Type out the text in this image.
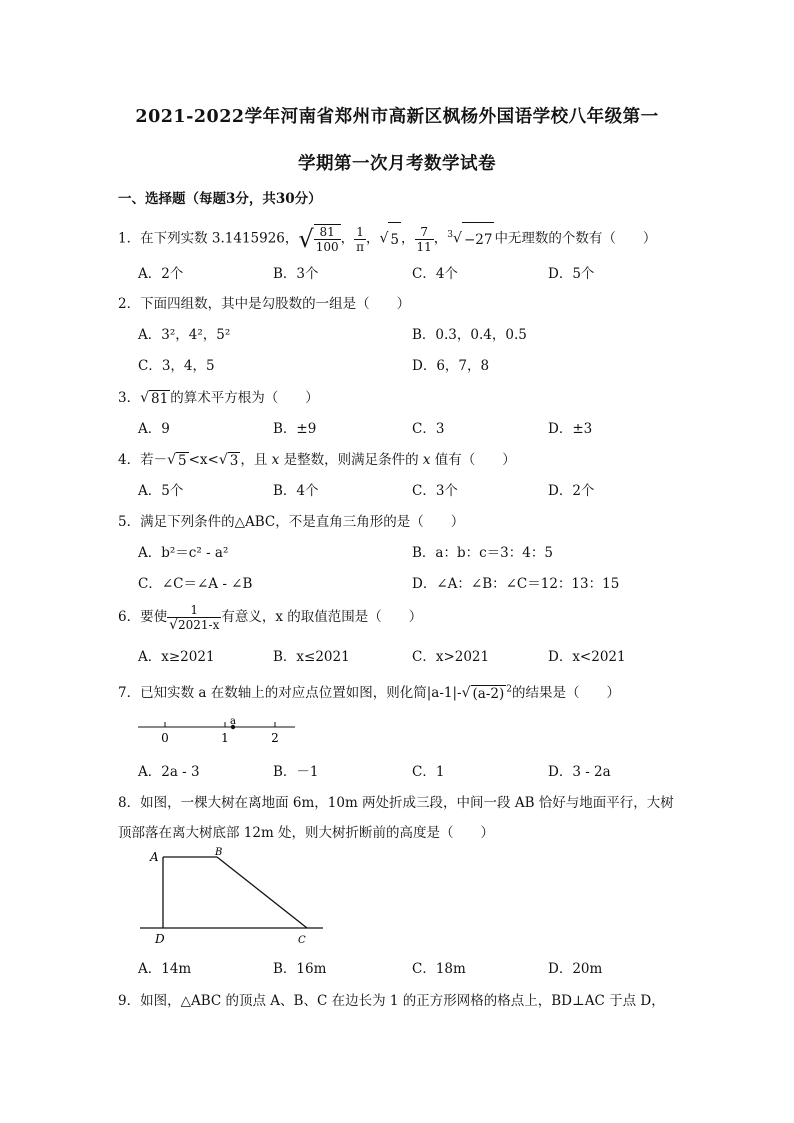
2021-2022学年河南省郑州市高新区枫杨外国语学校八年级第一
学期第一次月考数学试卷
一、选择题（每题3分，共30分）
1．在下列实数 3.1415926，√ $\frac{81}{100}$ ， $\frac{1}{\pi}$ ，√ 5 ， $\frac{7}{11}$ ，$^3$√ −27 中无理数的个数有（　　）
A．2个	B．3个	C．4个	D．5个
2．下面四组数，其中是勾股数的一组是（　　）
A．3²，4²，5²	B．0.3，0.4，0.5
C．3，4，5	D．6，7，8
3．√ 81 的算术平方根为（　　）
A．9	B．±9	C．3	D．±3
4．若－√ 5 <x<√ 3 ，且 x 是整数，则满足条件的 x 值有（　　）
A．5个	B．4个	C．3个	D．2个
5．满足下列条件的△ABC，不是直角三角形的是（　　）
A．b²＝c² - a²	B．a：b：c＝3：4：5
C．∠C＝∠A - ∠B	D．∠A：∠B：∠C＝12：13：15
6．要使 $\frac{1}{√2021-x}$ 有意义，x 的取值范围是（　　）
A．x≥2021	B．x≤2021	C．x>2021	D．x<2021
7．已知实数 a 在数轴上的对应点位置如图，则化简|a-1|-√ (a-2) $^2$的结果是（　　）
a
0	1	2
A．2a - 3	B．－1	C．1	D．3 - 2a
8．如图，一棵大树在离地面 6m，10m 两处折成三段，中间一段 AB 恰好与地面平行，大树
顶部落在离大树底部 12m 处，则大树折断前的高度是（　　）
A	B
D	C
A．14m	B．16m	C．18m	D．20m
9．如图，△ABC 的顶点 A、B、C 在边长为 1 的正方形网格的格点上，BD⊥AC 于点 D，
